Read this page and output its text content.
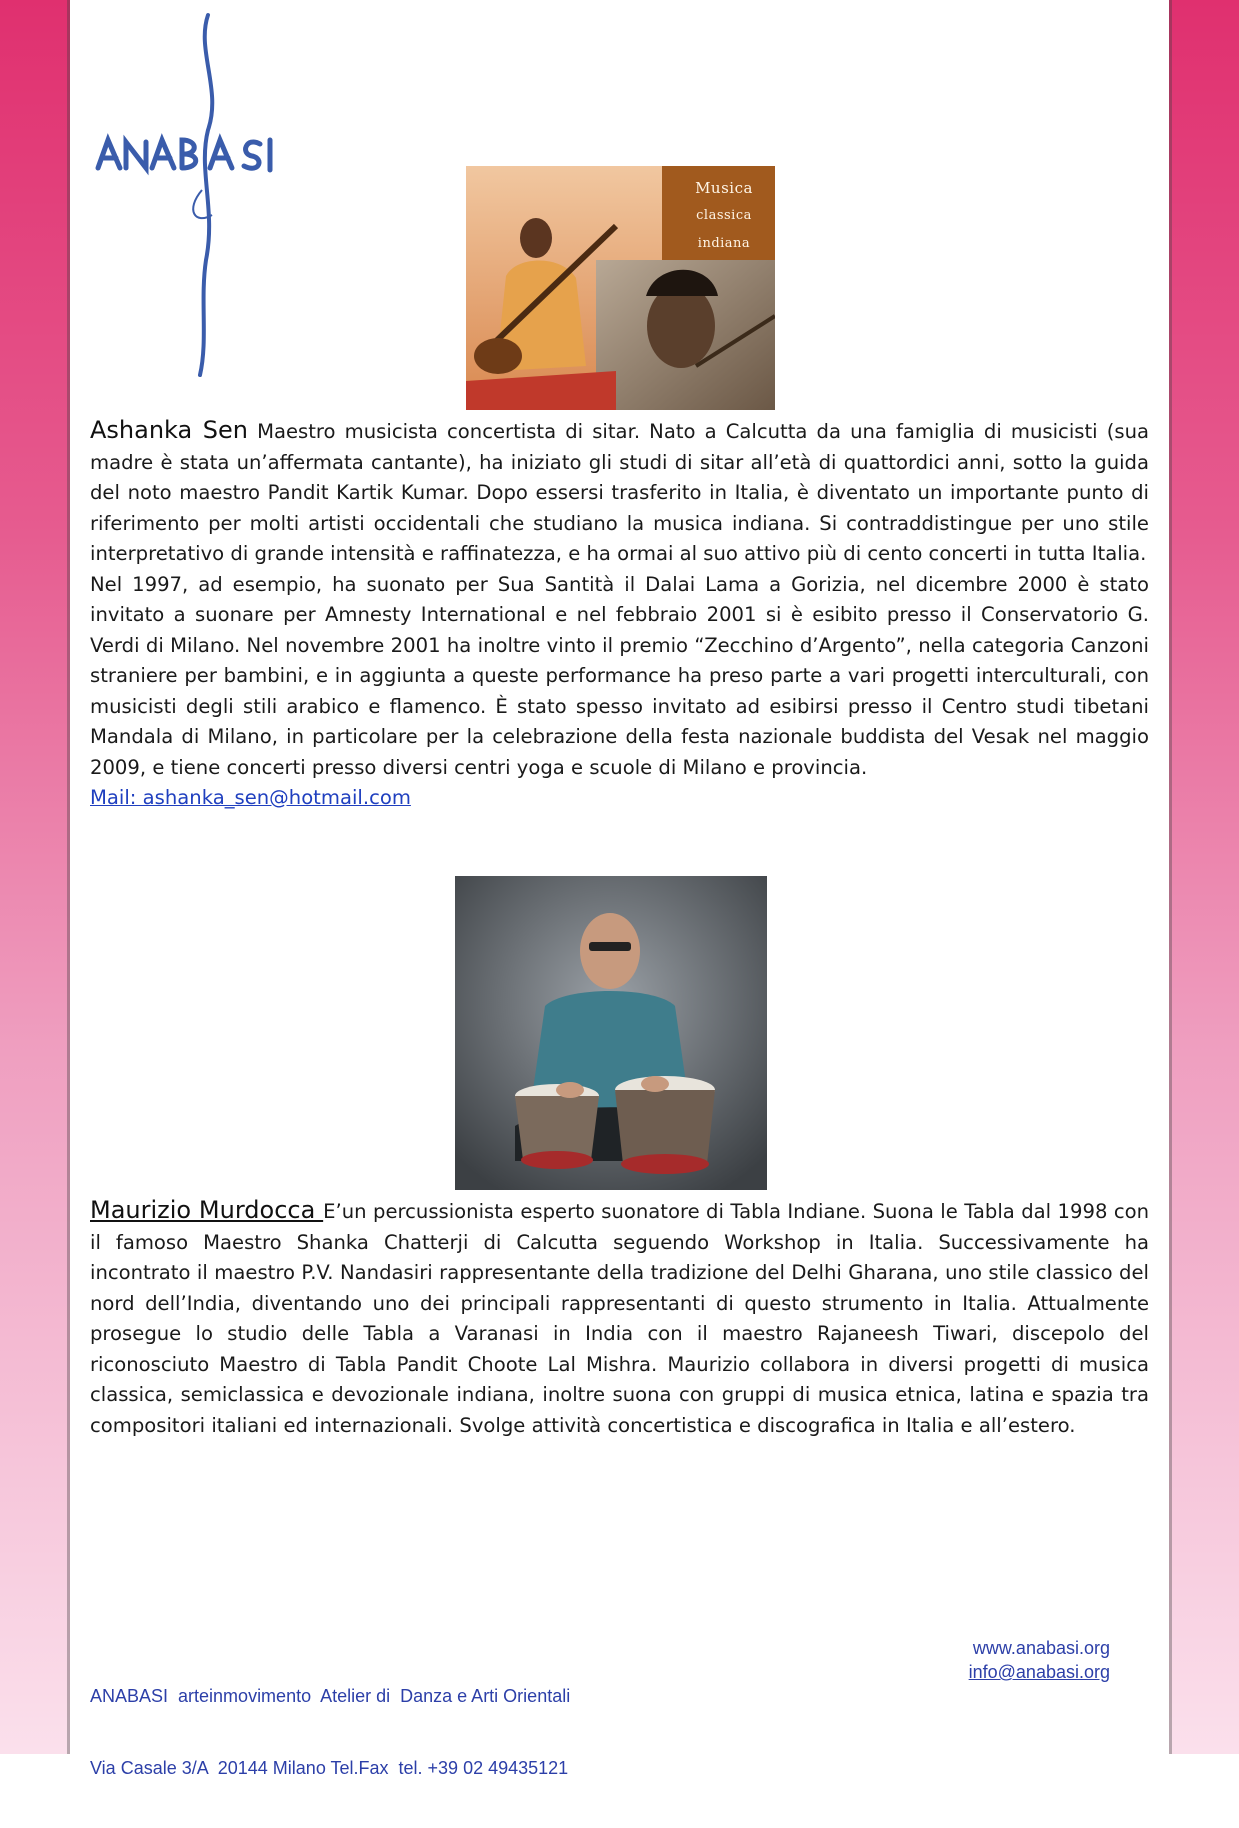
Musica
classica
indiana
Ashanka Sen Maestro musicista concertista di sitar. Nato a Calcutta da una famiglia di musicisti (sua madre è stata un’affermata cantante), ha iniziato gli studi di sitar all’età di quattordici anni, sotto la guida del noto maestro Pandit Kartik Kumar. Dopo essersi trasferito in Italia, è diventato un importante punto di riferimento per molti artisti occidentali che studiano la musica indiana. Si contraddistingue per uno stile interpretativo di grande intensità e raffinatezza, e ha ormai al suo attivo più di cento concerti in tutta Italia.
Nel 1997, ad esempio, ha suonato per Sua Santità il Dalai Lama a Gorizia, nel dicembre 2000 è stato invitato a suonare per Amnesty International e nel febbraio 2001 si è esibito presso il Conservatorio G. Verdi di Milano. Nel novembre 2001 ha inoltre vinto il premio “Zecchino d’Argento”, nella categoria Canzoni straniere per bambini, e in aggiunta a queste performance ha preso parte a vari progetti interculturali, con musicisti degli stili arabico e flamenco. È stato spesso invitato ad esibirsi presso il Centro studi tibetani Mandala di Milano, in particolare per la celebrazione della festa nazionale buddista del Vesak nel maggio 2009, e tiene concerti presso diversi centri yoga e scuole di Milano e provincia.
Mail: ashanka_sen@hotmail.com
Maurizio Murdocca E’un percussionista esperto suonatore di Tabla Indiane. Suona le Tabla dal 1998 con il famoso Maestro Shanka Chatterji di Calcutta seguendo Workshop in Italia. Successivamente ha incontrato il maestro P.V. Nandasiri rappresentante della tradizione del Delhi Gharana, uno stile classico del nord dell’India, diventando uno dei principali rappresentanti di questo strumento in Italia. Attualmente prosegue lo studio delle Tabla a Varanasi in India con il maestro Rajaneesh Tiwari, discepolo del riconosciuto Maestro di Tabla Pandit Choote Lal Mishra. Maurizio collabora in diversi progetti di musica classica, semiclassica e devozionale indiana, inoltre suona con gruppi di musica etnica, latina e spazia tra compositori italiani ed internazionali. Svolge attività concertistica e discografica in Italia e all’estero.

ANABASI  arteinmovimento  Atelier di  Danza e Arti Orientali

Via Casale 3/A  20144 Milano Tel.Fax  tel. +39 02 49435121

www.anabasi.org
info@anabasi.org
